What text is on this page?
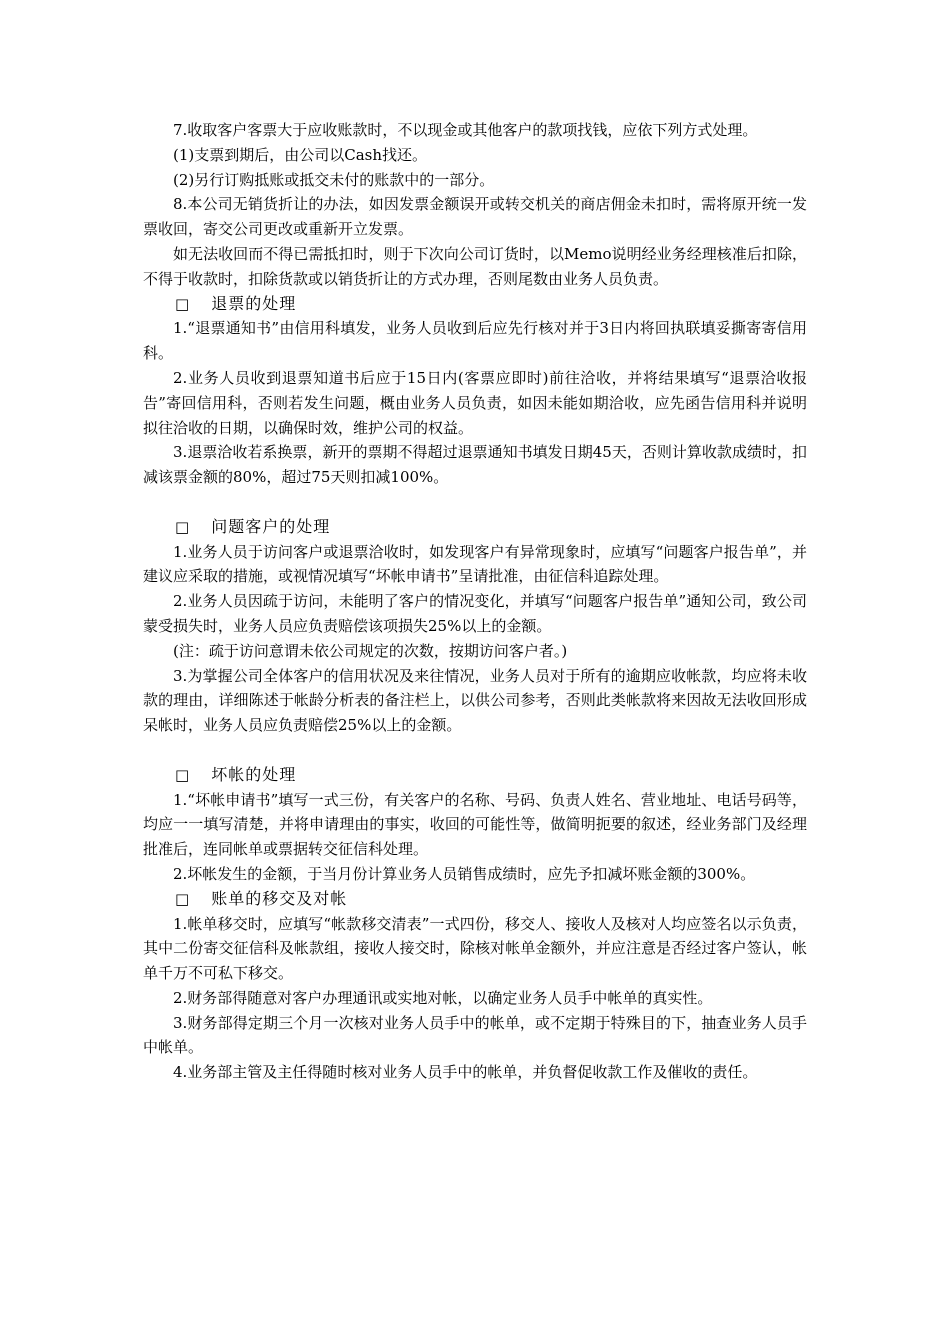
7.收取客户客票大于应收账款时，不以现金或其他客户的款项找钱，应依下列方式处理。

(1)支票到期后，由公司以Cash找还。

(2)另行订购抵账或抵交未付的账款中的一部分。

8.本公司无销货折让的办法，如因发票金额误开或转交机关的商店佣金未扣时，需将原开统一发票收回，寄交公司更改或重新开立发票。

如无法收回而不得已需抵扣时，则于下次向公司订货时，以Memo说明经业务经理核准后扣除，不得于收款时，扣除货款或以销货折让的方式办理，否则尾数由业务人员负责。

□ 退票的处理

1.“退票通知书”由信用科填发，业务人员收到后应先行核对并于3日内将回执联填妥撕寄寄信用科。

2.业务人员收到退票知道书后应于15日内(客票应即时)前往洽收，并将结果填写“退票洽收报告”寄回信用科，否则若发生问题，概由业务人员负责，如因未能如期洽收，应先函告信用科并说明拟往洽收的日期，以确保时效，维护公司的权益。

3.退票洽收若系换票，新开的票期不得超过退票通知书填发日期45天，否则计算收款成绩时，扣减该票金额的80%，超过75天则扣减100%。

□ 问题客户的处理

1.业务人员于访问客户或退票洽收时，如发现客户有异常现象时，应填写“问题客户报告单”，并建议应采取的措施，或视情况填写“坏帐申请书”呈请批准，由征信科追踪处理。

2.业务人员因疏于访问，未能明了客户的情况变化，并填写“问题客户报告单”通知公司，致公司蒙受损失时，业务人员应负责赔偿该项损失25%以上的金额。

(注：疏于访问意谓未依公司规定的次数，按期访问客户者。)

3.为掌握公司全体客户的信用状况及来往情况，业务人员对于所有的逾期应收帐款，均应将未收款的理由，详细陈述于帐龄分析表的备注栏上，以供公司参考，否则此类帐款将来因故无法收回形成呆帐时，业务人员应负责赔偿25%以上的金额。

□ 坏帐的处理

1.“坏帐申请书”填写一式三份，有关客户的名称、号码、负责人姓名、营业地址、电话号码等，均应一一填写清楚，并将申请理由的事实，收回的可能性等，做简明扼要的叙述，经业务部门及经理批准后，连同帐单或票据转交征信科处理。

2.坏帐发生的金额，于当月份计算业务人员销售成绩时，应先予扣减坏账金额的300%。

□ 账单的移交及对帐

1.帐单移交时，应填写“帐款移交清表”一式四份，移交人、接收人及核对人均应签名以示负责，其中二份寄交征信科及帐款组，接收人接交时，除核对帐单金额外，并应注意是否经过客户签认，帐单千万不可私下移交。

2.财务部得随意对客户办理通讯或实地对帐，以确定业务人员手中帐单的真实性。

3.财务部得定期三个月一次核对业务人员手中的帐单，或不定期于特殊目的下，抽查业务人员手中帐单。

4.业务部主管及主任得随时核对业务人员手中的帐单，并负督促收款工作及催收的责任。
